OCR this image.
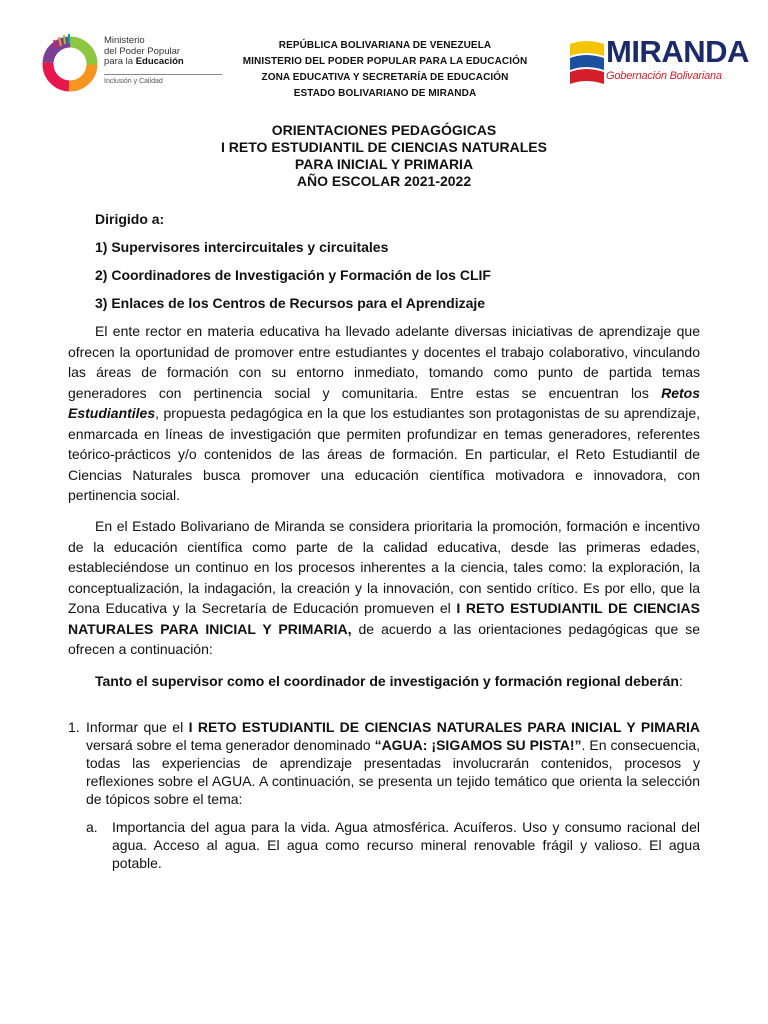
Ministerio
del Poder Popular
para la Educación
Inclusión y Calidad
REPÚBLICA BOLIVARIANA DE VENEZUELA
MINISTERIO DEL PODER POPULAR PARA LA EDUCACIÓN
ZONA EDUCATIVA Y SECRETARÍA DE EDUCACIÓN
ESTADO BOLIVARIANO DE MIRANDA
MIRANDA
Gobernación Bolivariana
ORIENTACIONES PEDAGÓGICAS
I RETO ESTUDIANTIL DE CIENCIAS NATURALES
PARA INICIAL Y PRIMARIA
AÑO ESCOLAR 2021-2022
Dirigido a:
1) Supervisores intercircuitales y circuitales
2) Coordinadores de Investigación y Formación de los CLIF
3) Enlaces de los Centros de Recursos para el Aprendizaje
El ente rector en materia educativa ha llevado adelante diversas iniciativas de aprendizaje que ofrecen la oportunidad de promover entre estudiantes y docentes el trabajo colaborativo, vinculando las áreas de formación con su entorno inmediato, tomando como punto de partida temas generadores con pertinencia social y comunitaria. Entre estas se encuentran los Retos Estudiantiles, propuesta pedagógica en la que los estudiantes son protagonistas de su aprendizaje, enmarcada en líneas de investigación que permiten profundizar en temas generadores, referentes teórico-prácticos y/o contenidos de las áreas de formación. En particular, el Reto Estudiantil de Ciencias Naturales busca promover una educación científica motivadora e innovadora, con pertinencia social.
En el Estado Bolivariano de Miranda se considera prioritaria la promoción, formación e incentivo de la educación científica como parte de la calidad educativa, desde las primeras edades, estableciéndose un continuo en los procesos inherentes a la ciencia, tales como: la exploración, la conceptualización, la indagación, la creación y la innovación, con sentido crítico. Es por ello, que la Zona Educativa y la Secretaría de Educación promueven el I RETO ESTUDIANTIL DE CIENCIAS NATURALES PARA INICIAL Y PRIMARIA, de acuerdo a las orientaciones pedagógicas que se ofrecen a continuación:
Tanto el supervisor como el coordinador de investigación y formación regional deberán:
1. Informar que el I RETO ESTUDIANTIL DE CIENCIAS NATURALES PARA INICIAL Y PIMARIA versará sobre el tema generador denominado “AGUA: ¡SIGAMOS SU PISTA!”. En consecuencia, todas las experiencias de aprendizaje presentadas involucrarán contenidos, procesos y reflexiones sobre el AGUA. A continuación, se presenta un tejido temático que orienta la selección de tópicos sobre el tema:
a. Importancia del agua para la vida. Agua atmosférica. Acuíferos. Uso y consumo racional del agua. Acceso al agua. El agua como recurso mineral renovable frágil y valioso. El agua potable.
